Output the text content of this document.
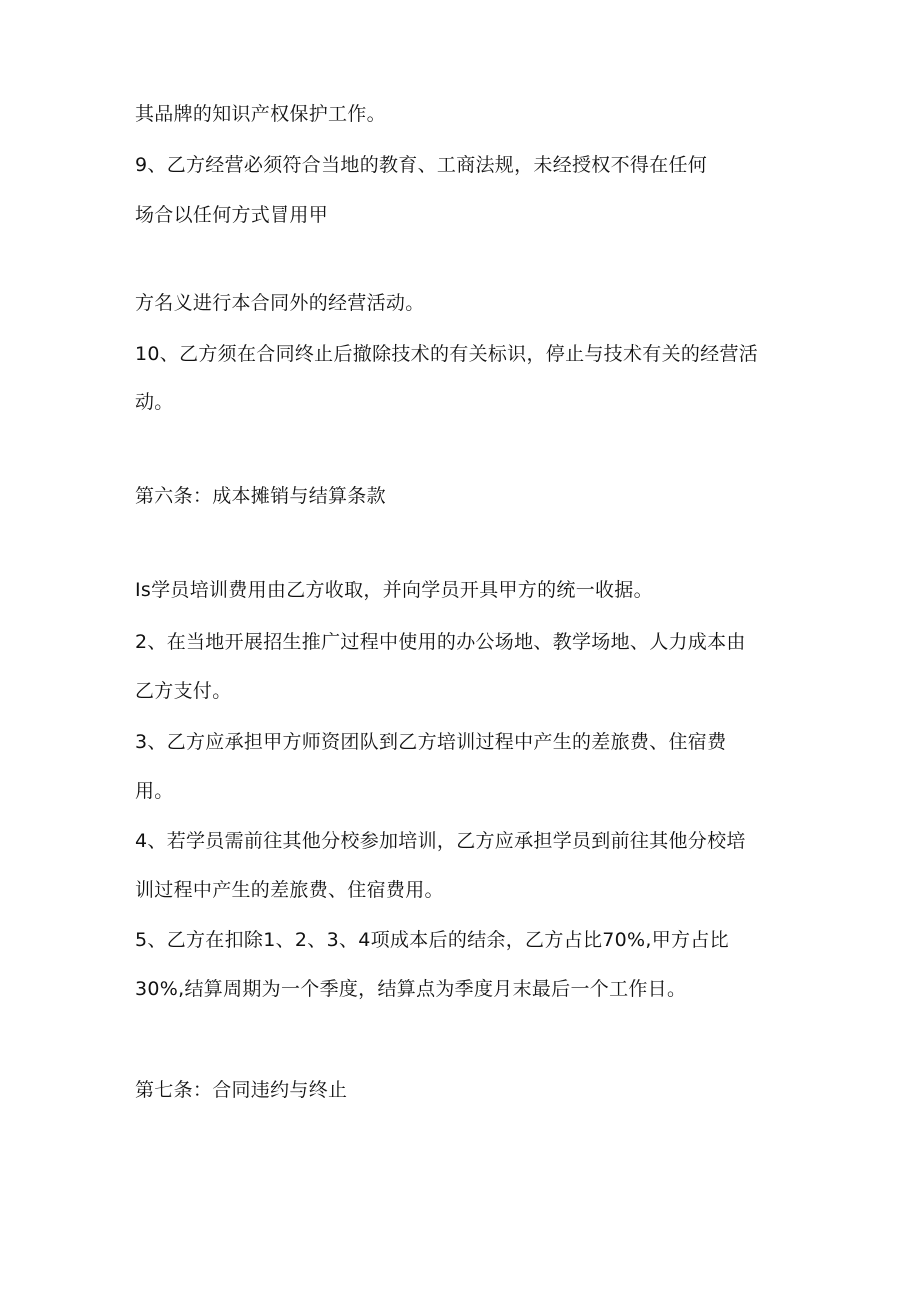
其品牌的知识产权保护工作。
9、乙方经营必须符合当地的教育、工商法规，未经授权不得在任何
场合以任何方式冒用甲
方名义进行本合同外的经营活动。
10、乙方须在合同终止后撤除技术的有关标识，停止与技术有关的经营活
动。
第六条：成本摊销与结算条款
Is学员培训费用由乙方收取，并向学员开具甲方的统一收据。
2、在当地开展招生推广过程中使用的办公场地、教学场地、人力成本由
乙方支付。
3、乙方应承担甲方师资团队到乙方培训过程中产生的差旅费、住宿费
用。
4、若学员需前往其他分校参加培训，乙方应承担学员到前往其他分校培
训过程中产生的差旅费、住宿费用。
5、乙方在扣除1、2、3、4项成本后的结余，乙方占比70%,甲方占比
30%,结算周期为一个季度，结算点为季度月末最后一个工作日。
第七条：合同违约与终止
